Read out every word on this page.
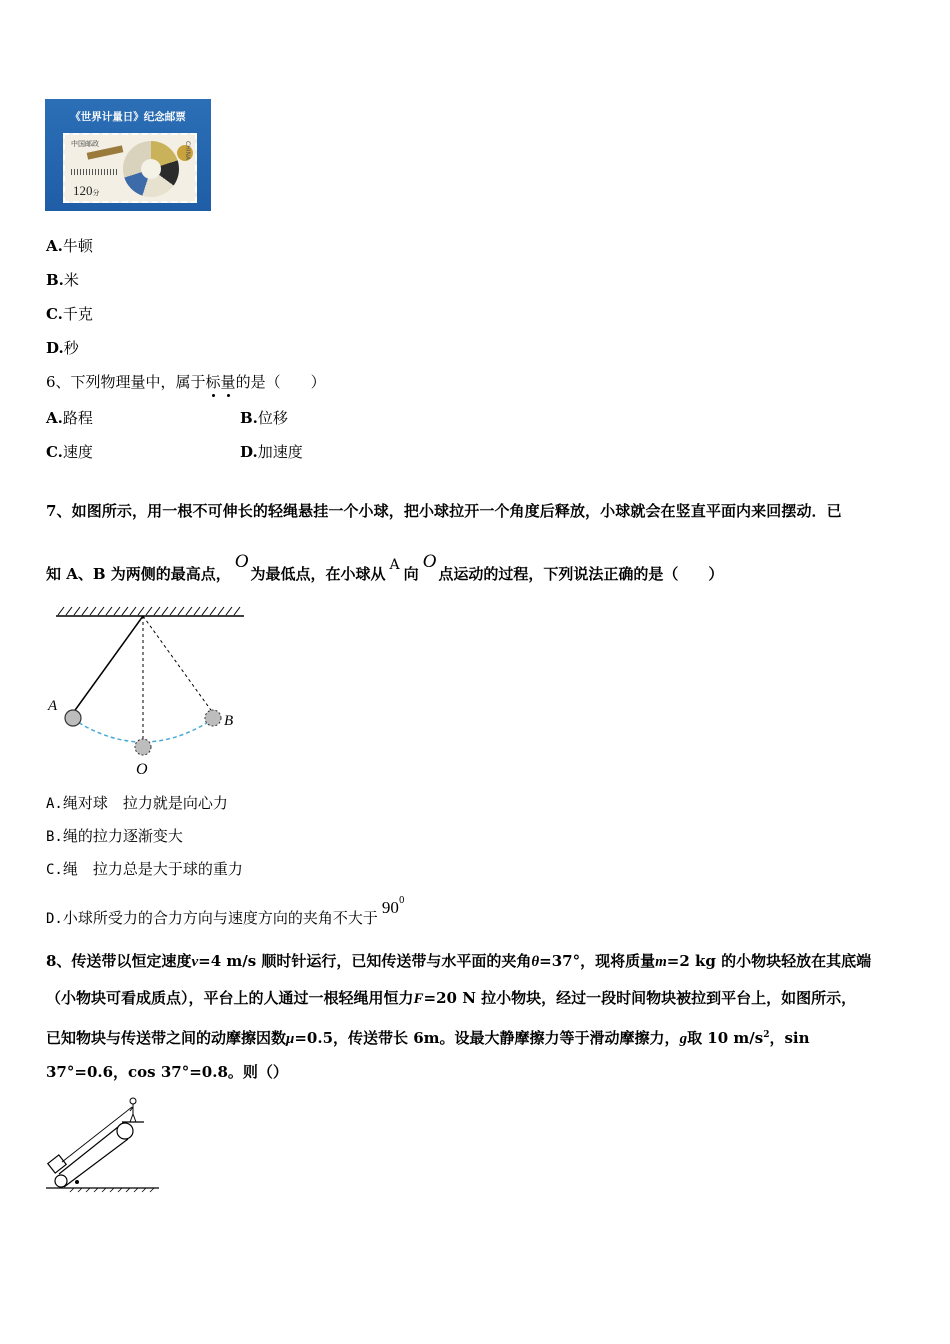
《世界计量日》纪念邮票
中国邮政	CHINA
120分
A.牛顿
B.米
C.千克
D.秒
6、下列物理量中，属于标量
的是（　　）
A.路程	B.位移
C.速度	D.加速度
7、如图所示，用一根不可伸长的轻绳悬挂一个小球，把小球拉开一个角度后释放，小球就会在竖直平面内来回摆动．已
知 A、B 为两侧的最高点，O为最低点，在小球从 A 向O点运动的过程，下列说法正确的是（　　）
A
B
O
A.绳对球　拉力就是向心力
B.绳的拉力逐渐变大
C.绳　拉力总是大于球的重力
D.小球所受力的合力方向与速度方向的夹角不大于$90^0$
8、传送带以恒定速度v=4 m/s 顺时针运行，已知传送带与水平面的夹角θ=37°，现将质量m=2 kg 的小物块轻放在其底端
（小物块可看成质点），平台上的人通过一根轻绳用恒力F=20 N 拉小物块，经过一段时间物块被拉到平台上，如图所示，
已知物块与传送带之间的动摩擦因数μ=0.5，传送带长 6m。设最大静摩擦力等于滑动摩擦力，g取 10 $m/s^2$，sin
37°=0.6，cos 37°=0.8。则（）
